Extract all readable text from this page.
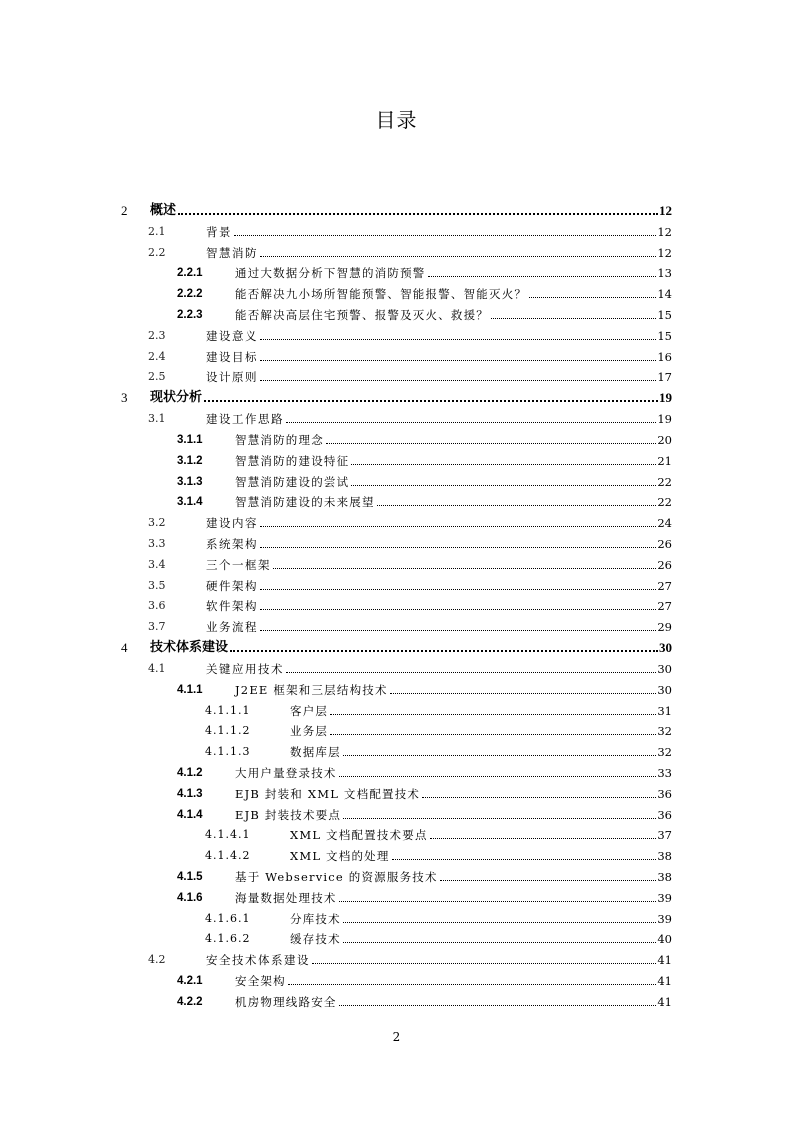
目录
2	概述	12
2.1	背景	12
2.2	智慧消防	12
2.2.1	通过大数据分析下智慧的消防预警	13
2.2.2	能否解决九小场所智能预警、智能报警、智能灭火？	14
2.2.3	能否解决高层住宅预警、报警及灭火、救援？	15
2.3	建设意义	15
2.4	建设目标	16
2.5	设计原则	17
3	现状分析	19
3.1	建设工作思路	19
3.1.1	智慧消防的理念	20
3.1.2	智慧消防的建设特征	21
3.1.3	智慧消防建设的尝试	22
3.1.4	智慧消防建设的未来展望	22
3.2	建设内容	24
3.3	系统架构	26
3.4	三个一框架	26
3.5	硬件架构	27
3.6	软件架构	27
3.7	业务流程	29
4	技术体系建设	30
4.1	关键应用技术	30
4.1.1	J2EE 框架和三层结构技术	30
4.1.1.1	客户层	31
4.1.1.2	业务层	32
4.1.1.3	数据库层	32
4.1.2	大用户量登录技术	33
4.1.3	EJB 封装和 XML 文档配置技术	36
4.1.4	EJB 封装技术要点	36
4.1.4.1	XML 文档配置技术要点	37
4.1.4.2	XML 文档的处理	38
4.1.5	基于 Webservice 的资源服务技术	38
4.1.6	海量数据处理技术	39
4.1.6.1	分库技术	39
4.1.6.2	缓存技术	40
4.2	安全技术体系建设	41
4.2.1	安全架构	41
4.2.2	机房物理线路安全	41
2
